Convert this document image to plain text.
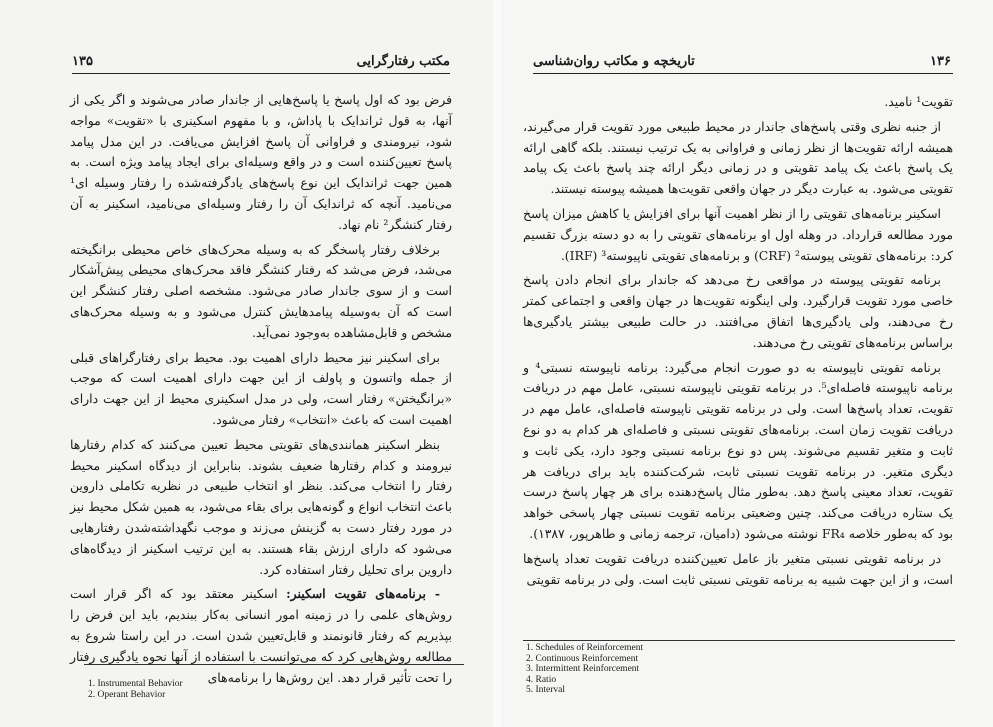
مکتب رفتارگرایی
۱۳۵

فرض بود که اول پاسخ یا پاسخ‌هایی از جاندار صادر می‌شوند و اگر یکی از آنها، به قول ثراندایک با پاداش، و با مفهوم اسکینری با «تقویت» مواجه شود، نیرومندی و فراوانی آن پاسخ افزایش می‌یافت. در این مدل پیامد پاسخ تعیین‌کننده است و در واقع وسیله‌ای برای ایجاد پیامد ویژه است. به همین جهت ثراندایک این نوع پاسخ‌های یادگرفته‌شده را رفتار وسیله ای¹ می‌نامید. آنچه که ثراندایک آن را رفتار وسیله‌ای می‌نامید، اسکینر به آن رفتار کنشگر² نام نهاد.

برخلاف رفتار پاسخگر که به وسیله محرک‌های خاص محیطی برانگیخته می‌شد، فرض می‌شد که رفتار کنشگر فاقد محرک‌های محیطی پیش‌آشکار است و از سوی جاندار صادر می‌شود. مشخصه اصلی رفتار کنشگر این است که آن به‌وسیله پیامدهایش کنترل می‌شود و به وسیله محرک‌های مشخص و قابل‌مشاهده به‌وجود نمی‌آید.

برای اسکینر نیز محیط دارای اهمیت بود. محیط برای رفتارگراهای قبلی از جمله واتسون و پاولف از این جهت دارای اهمیت است که موجب «برانگیختن» رفتار است، ولی در مدل اسکینری محیط از این جهت دارای اهمیت است که باعث «انتخاب» رفتار می‌شود.

بنظر اسکینر همانندی‌های تقویتی محیط تعیین می‌کنند که کدام رفتارها نیرومند و کدام رفتارها ضعیف بشوند. بنابراین از دیدگاه اسکینر محیط رفتار را انتخاب می‌کند. بنظر او انتخاب طبیعی در نظریه تکاملی داروین باعث انتخاب انواع و گونه‌هایی برای بقاء می‌شود، به همین شکل محیط نیز در مورد رفتار دست به گزینش می‌زند و موجب نگهداشته‌شدن رفتارهایی می‌شود که دارای ارزش بقاء هستند. به این ترتیب اسکینر از دیدگاه‌های داروین برای تحلیل رفتار استفاده کرد.

- برنامه‌های تقویت اسکینر: اسکینر معتقد بود که اگر قرار است روش‌های علمی را در زمینه امور انسانی به‌کار ببندیم، باید این فرض را بپذیریم که رفتار قانونمند و قابل‌تعیین شدن است. در این راستا شروع به مطالعه روش‌هایی کرد که می‌توانست با استفاده از آنها نحوه یادگیری رفتار را تحت تأثیر قرار دهد. این روش‌ها را برنامه‌های

1. Instrumental Behavior
2. Operant Behavior
۱۳۶
تاریخچه و مکاتب روان‌شناسی

تقویت¹ نامید.

از جنبه نظری وقتی پاسخ‌های جاندار در محیط طبیعی مورد تقویت قرار می‌گیرند، همیشه ارائه تقویت‌ها از نظر زمانی و فراوانی به یک ترتیب نیستند. بلکه گاهی ارائه یک پاسخ باعث یک پیامد تقویتی و در زمانی دیگر ارائه چند پاسخ باعث یک پیامد تقویتی می‌شود. به عبارت دیگر در جهان واقعی تقویت‌ها همیشه پیوسته نیستند.

اسکینر برنامه‌های تقویتی را از نظر اهمیت آنها برای افزایش یا کاهش میزان پاسخ مورد مطالعه قرارداد. در وهله اول او برنامه‌های تقویتی را به دو دسته بزرگ تقسیم کرد: برنامه‌های تقویتی پیوسته² (CRF) و برنامه‌های تقویتی ناپیوسته³ (IRF).

برنامه تقویتی پیوسته در مواقعی رخ می‌دهد که جاندار برای انجام دادن پاسخ خاصی مورد تقویت قرارگیرد. ولی اینگونه تقویت‌ها در جهان واقعی و اجتماعی کمتر رخ می‌دهند، ولی یادگیری‌ها اتفاق می‌افتند. در حالت طبیعی بیشتر یادگیری‌ها براساس برنامه‌های تقویتی رخ می‌دهند.

برنامه تقویتی ناپیوسته به دو صورت انجام می‌گیرد: برنامه ناپیوسته نسبتی⁴ و برنامه ناپیوسته فاصله‌ای⁵. در برنامه تقویتی ناپیوسته نسبتی، عامل مهم در دریافت تقویت، تعداد پاسخ‌ها است. ولی در برنامه تقویتی ناپیوسته فاصله‌ای، عامل مهم در دریافت تقویت زمان است. برنامه‌های تقویتی نسبتی و فاصله‌ای هر کدام به دو نوع ثابت و متغیر تقسیم می‌شوند. پس دو نوع برنامه نسبتی وجود دارد، یکی ثابت و دیگری متغیر. در برنامه تقویت نسبتی ثابت، شرکت‌کننده باید برای دریافت هر تقویت، تعداد معینی پاسخ دهد. به‌طور مثال پاسخ‌دهنده برای هر چهار پاسخ درست یک ستاره دریافت می‌کند. چنین وضعیتی برنامه تقویت نسبتی چهار پاسخی خواهد بود که به‌طور خلاصه FR₄ نوشته می‌شود (دامیان، ترجمه زمانی و طاهرپور، ۱۳۸۷).

در برنامه تقویتی نسبتی متغیر باز عامل تعیین‌کننده دریافت تقویت تعداد پاسخ‌ها است، و از این جهت شبیه به برنامه تقویتی نسبتی ثابت است. ولی در برنامه تقویتی

1. Schedules of Reinforcement
2. Continuous Reinforcement
3. Intermittent Reinforcement
4. Ratio
5. Interval
